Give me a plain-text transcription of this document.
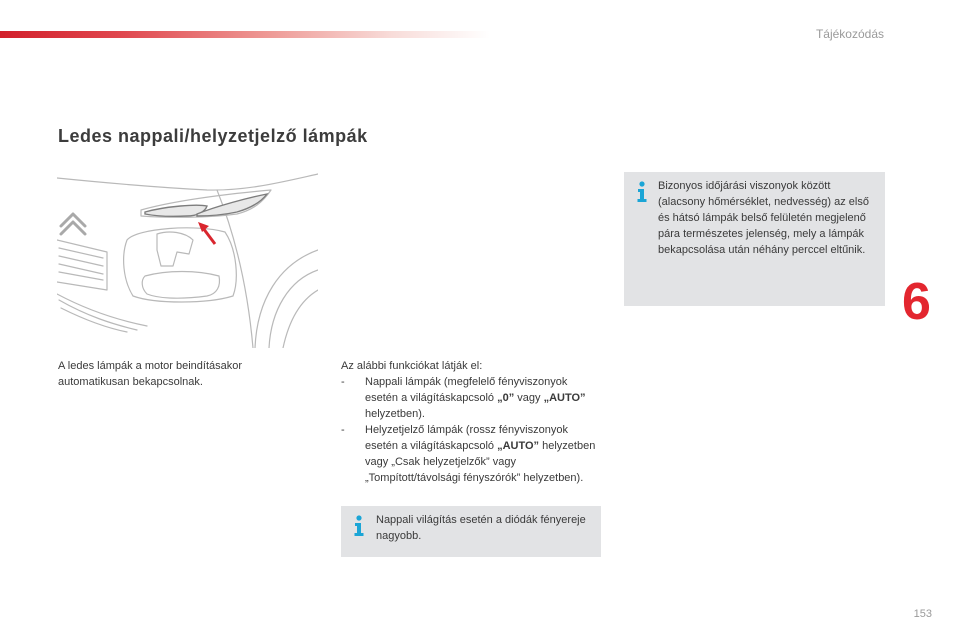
Tájékozódás
Ledes nappali/helyzetjelző lámpák
A ledes lámpák a motor beindításakor automatikusan bekapcsolnak.
Az alábbi funkciókat látják el:
- Nappali lámpák (megfelelő fényviszonyok esetén a világításkapcsoló „0” vagy „AUTO” helyzetben).
- Helyzetjelző lámpák (rossz fényviszonyok esetén a világításkapcsoló „AUTO” helyzetben vagy „Csak helyzetjelzők” vagy „Tompított/távolsági fényszórók” helyzetben).
Bizonyos időjárási viszonyok között (alacsony hőmérséklet, nedvesség) az első és hátsó lámpák belső felületén megjelenő pára természetes jelenség, mely a lámpák bekapcsolása után néhány perccel eltűnik.
Nappali világítás esetén a diódák fényereje nagyobb.
6
153
